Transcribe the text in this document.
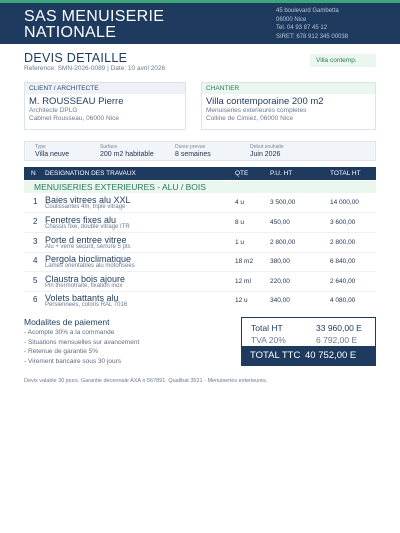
SAS MENUISERIE
NATIONALE
45 boulevard Gambetta
06000 Nice
Tel. 04 93 87 45 12
SIRET: 678 912 345 00038
DEVIS DETAILLE
Reference: SMN-2026-0089 | Date: 10 avril 2026
Villa contemp.
CLIENT / ARCHITECTE
M. ROUSSEAU Pierre
Architecte DPLG
Cabinet Rousseau, 06000 Nice
CHANTIER
Villa contemporaine 200 m2
Menuiseries exterieures completes
Colline de Cimiez, 06000 Nice
Type
Villa neuve
Surface
200 m2 habitable
Duree prevue
8 semaines
Debut souhaite
Juin 2026
N DESIGNATION DES TRAVAUX	QTE	P.U. HT	TOTAL HT
MENUISERIES EXTERIEURES - ALU / BOIS
1 Baies vitrees alu XXL
Coulissantes 4m, triple vitrage
4 u	3 500,00	14 000,00
2 Fenetres fixes alu
Chassis fixe, double vitrage ITR
8 u	450,00	3 600,00
3 Porte d entree vitree
Alu + verre securit, serrure 5 pts
1 u	2 800,00	2 800,00
4 Pergola bioclimatique
Lames orientables alu motorisees
18 m2	380,00	6 840,00
5 Claustra bois ajoure
Pin thermotraite, fixation inox
12 ml	220,00	2 640,00
6 Volets battants alu
Persiennees, coloris RAL 7016
12 u	340,00	4 080,00
Modalites de paiement
- Acompte 30% a la commande
- Situations mensuelles sur avancement
- Retenue de garantie 5%
- Virement bancaire sous 30 jours
Total HT	33 960,00 E
TVA 20%	6 792,00 E
TOTAL TTC 40 752,00 E
Devis valable 30 jours. Garantie decennale AXA n 567891. Qualibat 3521 - Menuiseries exterieures.
